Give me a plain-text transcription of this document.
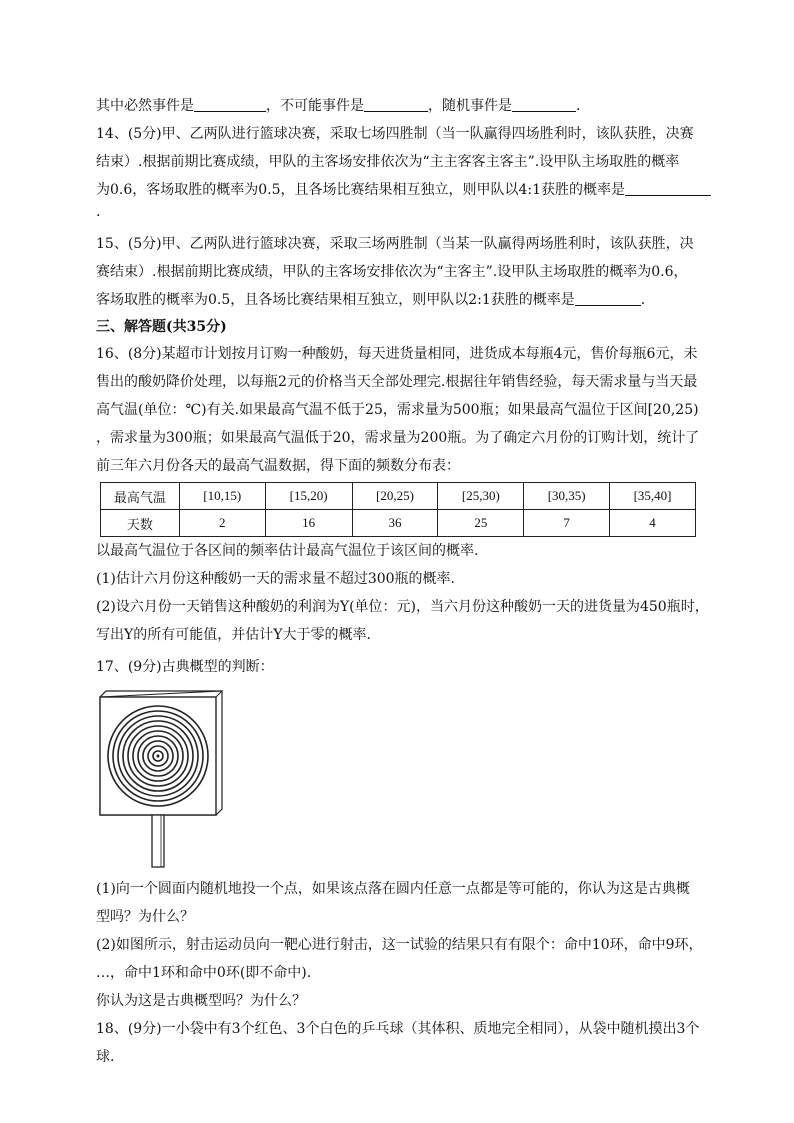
其中必然事件是	，不可能事件是	，随机事件是	.
14、(5分)甲、乙两队进行篮球决赛，采取七场四胜制（当一队赢得四场胜利时，该队获胜，决赛
结束）.根据前期比赛成绩，甲队的主客场安排依次为“主主客客主客主”.设甲队主场取胜的概率
为0.6，客场取胜的概率为0.5，且各场比赛结果相互独立，则甲队以4:1获胜的概率是
.
15、(5分)甲、乙两队进行篮球决赛，采取三场两胜制（当某一队赢得两场胜利时，该队获胜，决
赛结束）.根据前期比赛成绩，甲队的主客场安排依次为“主客主”.设甲队主场取胜的概率为0.6，
客场取胜的概率为0.5，且各场比赛结果相互独立，则甲队以2:1获胜的概率是	.
三、解答题(共35分)
16、(8分)某超市计划按月订购一种酸奶，每天进货量相同，进货成本每瓶4元，售价每瓶6元，未
售出的酸奶降价处理，以每瓶2元的价格当天全部处理完.根据往年销售经验，每天需求量与当天最
高气温(单位：℃)有关.如果最高气温不低于25，需求量为500瓶；如果最高气温位于区间[20,25)
，需求量为300瓶；如果最高气温低于20，需求量为200瓶。为了确定六月份的订购计划，统计了
前三年六月份各天的最高气温数据，得下面的频数分布表：
最高气温	[10,15)	[15,20)	[20,25)	[25,30)	[30,35)	[35,40]
天数	2	16	36	25	7	4
以最高气温位于各区间的频率估计最高气温位于该区间的概率.
(1)估计六月份这种酸奶一天的需求量不超过300瓶的概率.
(2)设六月份一天销售这种酸奶的利润为Y(单位：元)，当六月份这种酸奶一天的进货量为450瓶时，
写出Y的所有可能值，并估计Y大于零的概率.
17、(9分)古典概型的判断：
(1)向一个圆面内随机地投一个点，如果该点落在圆内任意一点都是等可能的，你认为这是古典概
型吗？为什么？
(2)如图所示，射击运动员向一靶心进行射击，这一试验的结果只有有限个：命中10环，命中9环，
…，命中1环和命中0环(即不命中).
你认为这是古典概型吗？为什么？
18、(9分)一小袋中有3个红色、3个白色的乒乓球（其体积、质地完全相同），从袋中随机摸出3个
球.
